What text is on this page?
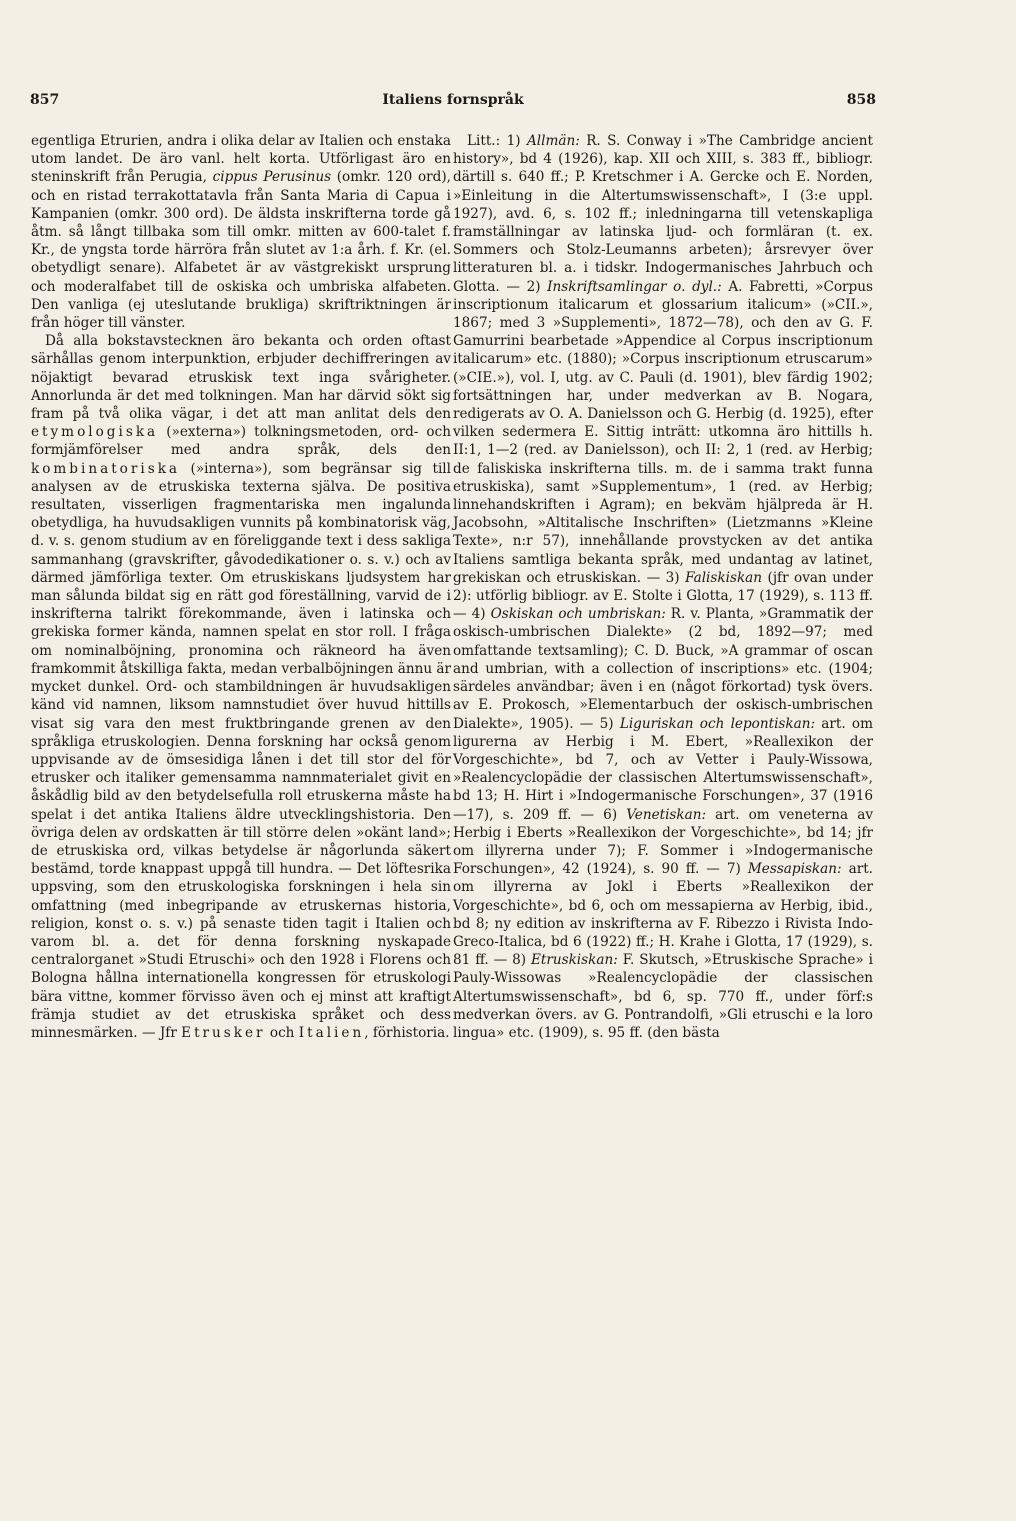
857	Italiens fornspråk	858

egentliga Etrurien, andra i olika delar av Italien och enstaka utom landet. De äro vanl. helt korta. Utförligast äro en steninskrift från Perugia, cippus Perusinus (omkr. 120 ord), och en ristad terrakottatavla från Santa Maria di Capua i Kampanien (omkr. 300 ord). De äldsta inskrifterna torde gå åtm. så långt tillbaka som till omkr. mitten av 600-talet f. Kr., de yngsta torde härröra från slutet av 1:a årh. f. Kr. (el. obetydligt senare). Alfabetet är av västgrekiskt ursprung och moderalfabet till de oskiska och umbriska alfabeten. Den vanliga (ej uteslutande brukliga) skriftriktningen är från höger till vänster.

Då alla bokstavstecknen äro bekanta och orden oftast särhållas genom interpunktion, erbjuder dechiffreringen av nöjaktigt bevarad etruskisk text inga svårigheter. Annorlunda är det med tolkningen. Man har därvid sökt sig fram på två olika vägar, i det att man anlitat dels den etymologiska (»externa») tolkningsmetoden, ord- och formjämförelser med andra språk, dels den kombinatoriska (»interna»), som begränsar sig till analysen av de etruskiska texterna själva. De positiva resultaten, visserligen fragmentariska men ingalunda obetydliga, ha huvudsakligen vunnits på kombinatorisk väg, d. v. s. genom studium av en föreliggande text i dess sakliga sammanhang (gravskrifter, gåvodedikationer o. s. v.) och av därmed jämförliga texter. Om etruskiskans ljudsystem har man sålunda bildat sig en rätt god föreställning, varvid de i inskrifterna talrikt förekommande, även i latinska och grekiska former kända, namnen spelat en stor roll. I fråga om nominalböjning, pronomina och räkneord ha även framkommit åtskilliga fakta, medan verbalböjningen ännu är mycket dunkel. Ord- och stambildningen är huvudsakligen känd vid namnen, liksom namnstudiet över huvud hittills visat sig vara den mest fruktbringande grenen av den språkliga etruskologien. Denna forskning har också genom uppvisande av de ömsesidiga lånen i det till stor del för etrusker och italiker gemensamma namnmaterialet givit en åskådlig bild av den betydelsefulla roll etruskerna måste ha spelat i det antika Italiens äldre utvecklingshistoria. Den övriga delen av ordskatten är till större delen »okänt land»; de etruskiska ord, vilkas betydelse är någorlunda säkert bestämd, torde knappast uppgå till hundra. — Det löftesrika uppsving, som den etruskologiska forskningen i hela sin omfattning (med inbegripande av etruskernas historia, religion, konst o. s. v.) på senaste tiden tagit i Italien och varom bl. a. det för denna forskning nyskapade centralorganet »Studi Etruschi» och den 1928 i Florens och Bologna hållna internationella kongressen för etruskologi bära vittne, kommer förvisso även och ej minst att kraftigt främja studiet av det etruskiska språket och dess minnesmärken. — Jfr Etrusker och Italien, förhistoria.

Litt.: 1) Allmän: R. S. Conway i »The Cambridge ancient history», bd 4 (1926), kap. XII och XIII, s. 383 ff., bibliogr. därtill s. 640 ff.; P. Kretschmer i A. Gercke och E. Norden, »Einleitung in die Altertumswissenschaft», I (3:e uppl. 1927), avd. 6, s. 102 ff.; inledningarna till vetenskapliga framställningar av latinska ljud- och formläran (t. ex. Sommers och Stolz-Leumanns arbeten); årsrevyer över litteraturen bl. a. i tidskr. Indogermanisches Jahrbuch och Glotta. — 2) Inskriftsamlingar o. dyl.: A. Fabretti, »Corpus inscriptionum italicarum et glossarium italicum» (»CII.», 1867; med 3 »Supplementi», 1872—78), och den av G. F. Gamurrini bearbetade »Appendice al Corpus inscriptionum italicarum» etc. (1880); »Corpus inscriptionum etruscarum» (»CIE.»), vol. I, utg. av C. Pauli (d. 1901), blev färdig 1902; fortsättningen har, under medverkan av B. Nogara, redigerats av O. A. Danielsson och G. Herbig (d. 1925), efter vilken sedermera E. Sittig inträtt: utkomna äro hittills h. II:1, 1—2 (red. av Danielsson), och II: 2, 1 (red. av Herbig; de faliskiska inskrifterna tills. m. de i samma trakt funna etruskiska), samt »Supplementum», 1 (red. av Herbig; linnehandskriften i Agram); en bekväm hjälpreda är H. Jacobsohn, »Altitalische Inschriften» (Lietzmanns »Kleine Texte», n:r 57), innehållande provstycken av det antika Italiens samtliga bekanta språk, med undantag av latinet, grekiskan och etruskiskan. — 3) Faliskiskan (jfr ovan under 2): utförlig bibliogr. av E. Stolte i Glotta, 17 (1929), s. 113 ff. — 4) Oskiskan och umbriskan: R. v. Planta, »Grammatik der oskisch-umbrischen Dialekte» (2 bd, 1892—97; med omfattande textsamling); C. D. Buck, »A grammar of oscan and umbrian, with a collection of inscriptions» etc. (1904; särdeles användbar; även i en (något förkortad) tysk övers. av E. Prokosch, »Elementarbuch der oskisch-umbrischen Dialekte», 1905). — 5) Liguriskan och lepontiskan: art. om ligurerna av Herbig i M. Ebert, »Reallexikon der Vorgeschichte», bd 7, och av Vetter i Pauly-Wissowa, »Realencyclopädie der classischen Altertumswissenschaft», bd 13; H. Hirt i »Indogermanische Forschungen», 37 (1916—17), s. 209 ff. — 6) Venetiskan: art. om veneterna av Herbig i Eberts »Reallexikon der Vorgeschichte», bd 14; jfr om illyrerna under 7); F. Sommer i »Indogermanische Forschungen», 42 (1924), s. 90 ff. — 7) Messapiskan: art. om illyrerna av Jokl i Eberts »Reallexikon der Vorgeschichte», bd 6, och om messapierna av Herbig, ibid., bd 8; ny edition av inskrifterna av F. Ribezzo i Rivista Indo-Greco-Italica, bd 6 (1922) ff.; H. Krahe i Glotta, 17 (1929), s. 81 ff. — 8) Etruskiskan: F. Skutsch, »Etruskische Sprache» i Pauly-Wissowas »Realencyclopädie der classischen Altertumswissenschaft», bd 6, sp. 770 ff., under förf:s medverkan övers. av G. Pontrandolfi, »Gli etruschi e la loro lingua» etc. (1909), s. 95 ff. (den bästa
